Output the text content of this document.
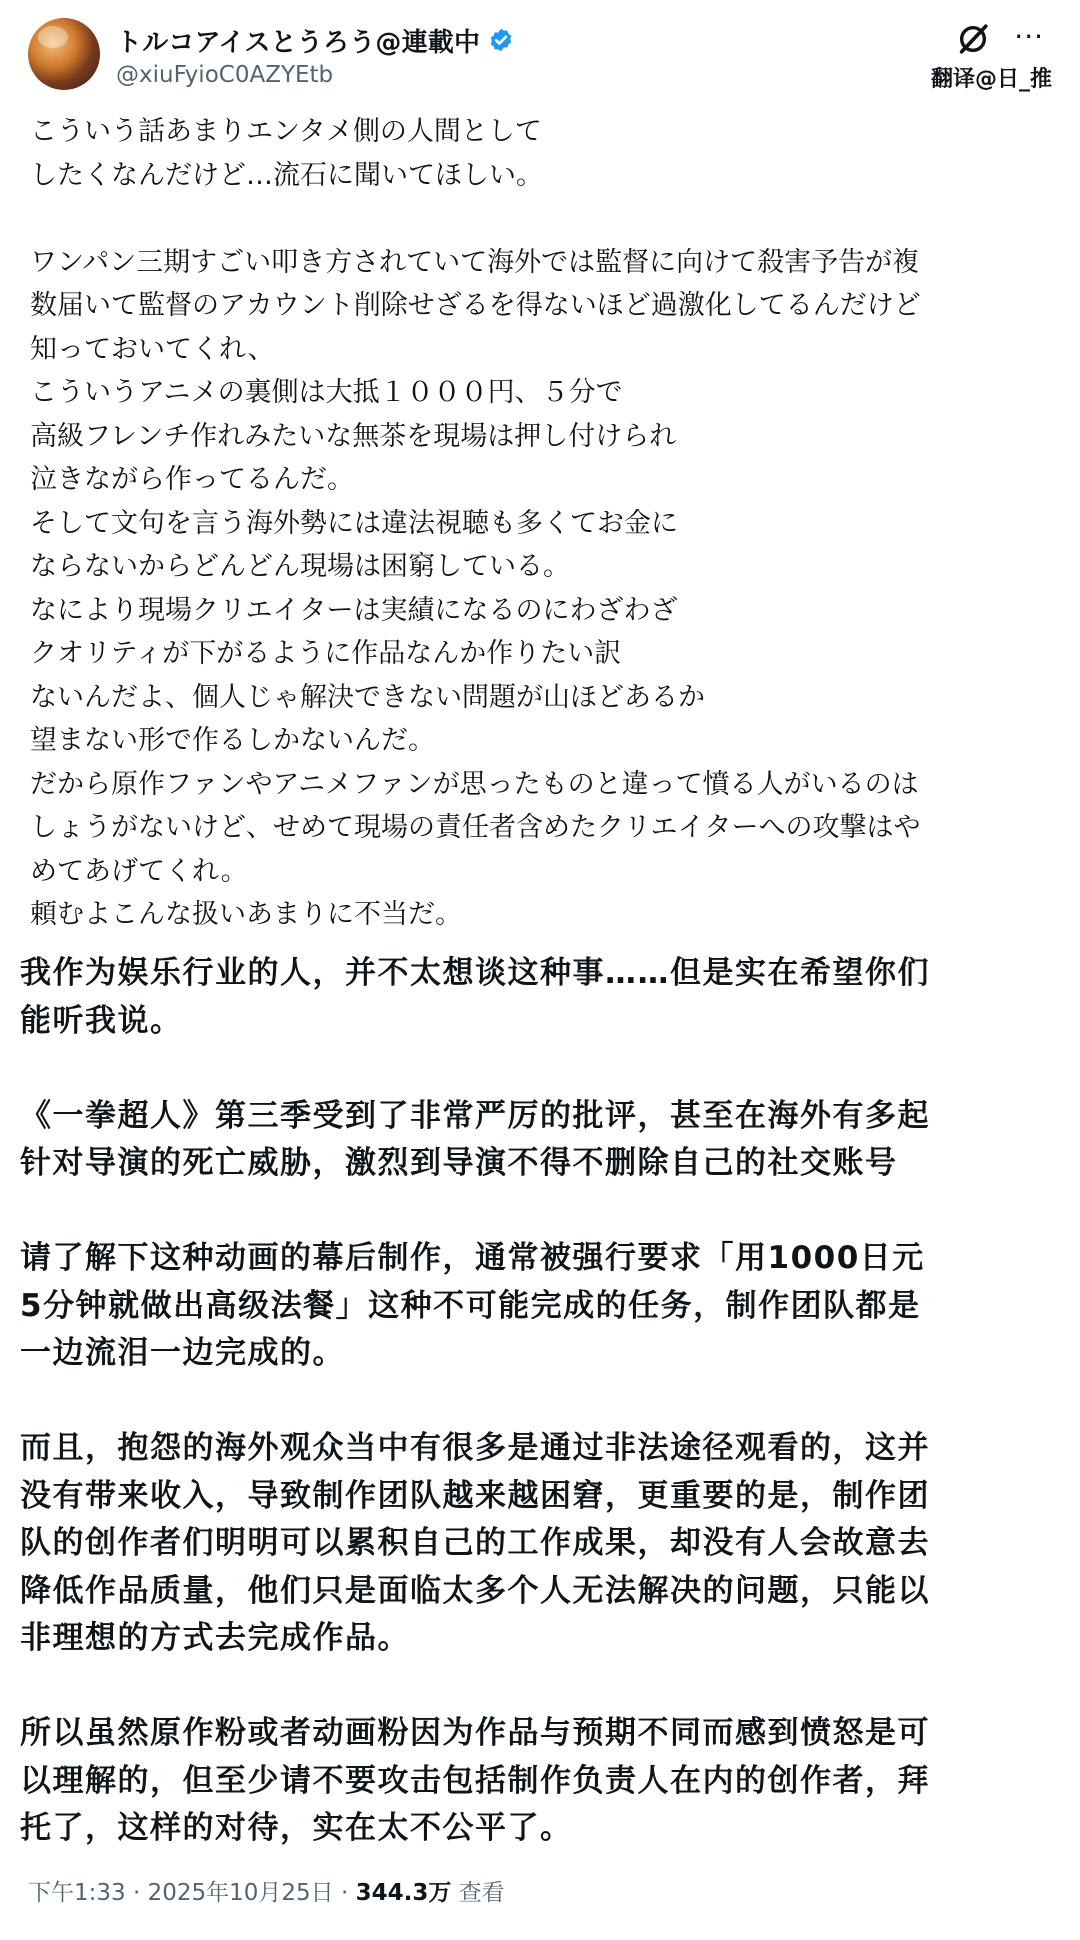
トルコアイスとうろう@連載中
@xiuFyioC0AZYEtb
···
翻译@日_推

こういう話あまりエンタメ側の人間として

したくなんだけど…流石に聞いてほしい。

ワンパン三期すごい叩き方されていて海外では監督に向けて殺害予告が複

数届いて監督のアカウント削除せざるを得ないほど過激化してるんだけど

知っておいてくれ、

こういうアニメの裏側は大抵１０００円、５分で

高級フレンチ作れみたいな無茶を現場は押し付けられ

泣きながら作ってるんだ。

そして文句を言う海外勢には違法視聴も多くてお金に

ならないからどんどん現場は困窮している。

なにより現場クリエイターは実績になるのにわざわざ

クオリティが下がるように作品なんか作りたい訳

ないんだよ、個人じゃ解決できない問題が山ほどあるか

望まない形で作るしかないんだ。

だから原作ファンやアニメファンが思ったものと違って憤る人がいるのは

しょうがないけど、せめて現場の責任者含めたクリエイターへの攻撃はや

めてあげてくれ。

頼むよこんな扱いあまりに不当だ。

我作为娱乐行业的人，并不太想谈这种事……但是实在希望你们

能听我说。

《一拳超人》第三季受到了非常严厉的批评，甚至在海外有多起

针对导演的死亡威胁，激烈到导演不得不删除自己的社交账号

请了解下这种动画的幕后制作，通常被强行要求「用1000日元

5分钟就做出高级法餐」这种不可能完成的任务，制作团队都是

一边流泪一边完成的。

而且，抱怨的海外观众当中有很多是通过非法途径观看的，这并

没有带来收入，导致制作团队越来越困窘，更重要的是，制作团

队的创作者们明明可以累积自己的工作成果，却没有人会故意去

降低作品质量，他们只是面临太多个人无法解决的问题，只能以

非理想的方式去完成作品。

所以虽然原作粉或者动画粉因为作品与预期不同而感到愤怒是可

以理解的，但至少请不要攻击包括制作负责人在内的创作者，拜

托了，这样的对待，实在太不公平了。

下午1:33 · 2025年10月25日 · 344.3万 查看
